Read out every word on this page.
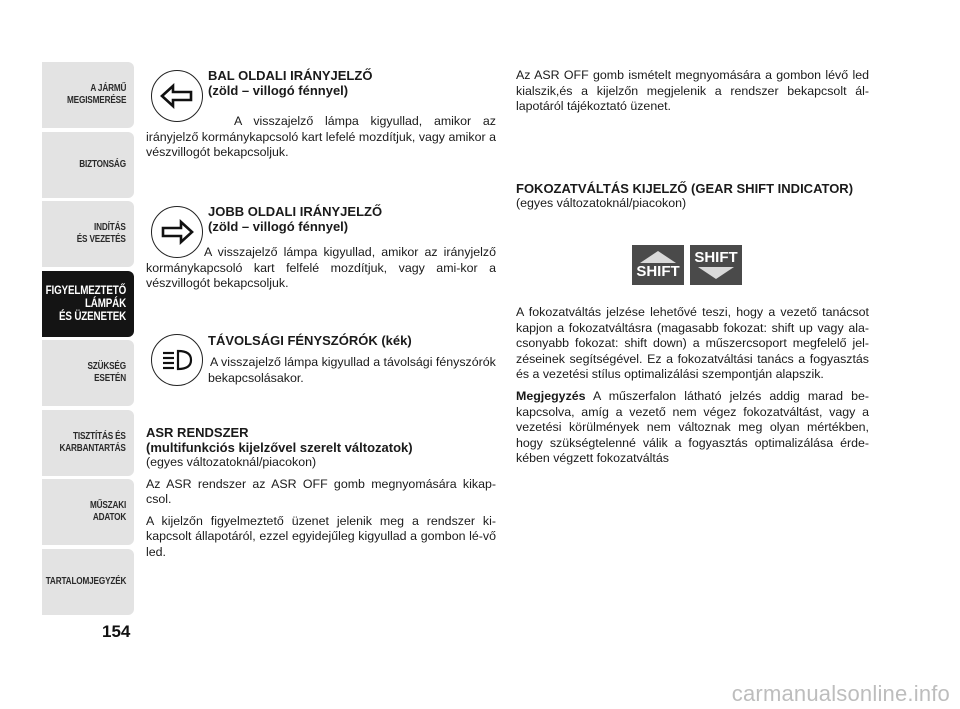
A JÁRMŰ
MEGISMERÉSE
BIZTONSÁG
INDÍTÁS
ÉS VEZETÉS
FIGYELMEZTETŐ
LÁMPÁK
ÉS ÜZENETEK
SZÜKSÉG
ESETÉN
TISZTÍTÁS ÉS
KARBANTARTÁS
MŰSZAKI
ADATOK
TARTALOMJEGYZÉK
154
BAL OLDALI IRÁNYJELZŐ
(zöld – villogó fénnyel)

A visszajelző lámpa kigyullad, amikor az irányjelző kormánykapcsoló kart lefelé mozdítjuk, vagy amikor a vészvillogót bekapcsoljuk.

JOBB OLDALI IRÁNYJELZŐ
(zöld – villogó fénnyel)

A visszajelző lámpa kigyullad, amikor az irányjelző kormánykapcsoló kart felfelé mozdítjuk, vagy ami-kor a vészvillogót bekapcsoljuk.

TÁVOLSÁGI FÉNYSZÓRÓK (kék)

A visszajelző lámpa kigyullad a távolsági fényszórók bekapcsolásakor.

ASR RENDSZER
(multifunkciós kijelzővel szerelt változatok)
(egyes változatoknál/piacokon)

Az ASR rendszer az ASR OFF gomb megnyomására kikap-csol.

A kijelzőn figyelmeztető üzenet jelenik meg a rendszer ki-kapcsolt állapotáról, ezzel egyidejűleg kigyullad a gombon lé-vő led.

Az ASR OFF gomb ismételt megnyomására a gombon lévő led kialszik,és a kijelzőn megjelenik a rendszer bekapcsolt ál-lapotáról tájékoztató üzenet.

FOKOZATVÁLTÁS KIJELZŐ (GEAR SHIFT INDICATOR)
(egyes változatoknál/piacokon)
SHIFT
SHIFT

A fokozatváltás jelzése lehetővé teszi, hogy a vezető tanácsot kapjon a fokozatváltásra (magasabb fokozat: shift up vagy ala-csonyabb fokozat: shift down) a műszercsoport megfelelő jel-zéseinek segítségével. Ez a fokozatváltási tanács a fogyasztás és a vezetési stílus optimalizálási szempontján alapszik.

Megjegyzés A műszerfalon látható jelzés addig marad be-kapcsolva, amíg a vezető nem végez fokozatváltást, vagy a vezetési körülmények nem változnak meg olyan mértékben, hogy szükségtelenné válik a fogyasztás optimalizálása érde-kében végzett fokozatváltás

carmanualsonline.info
